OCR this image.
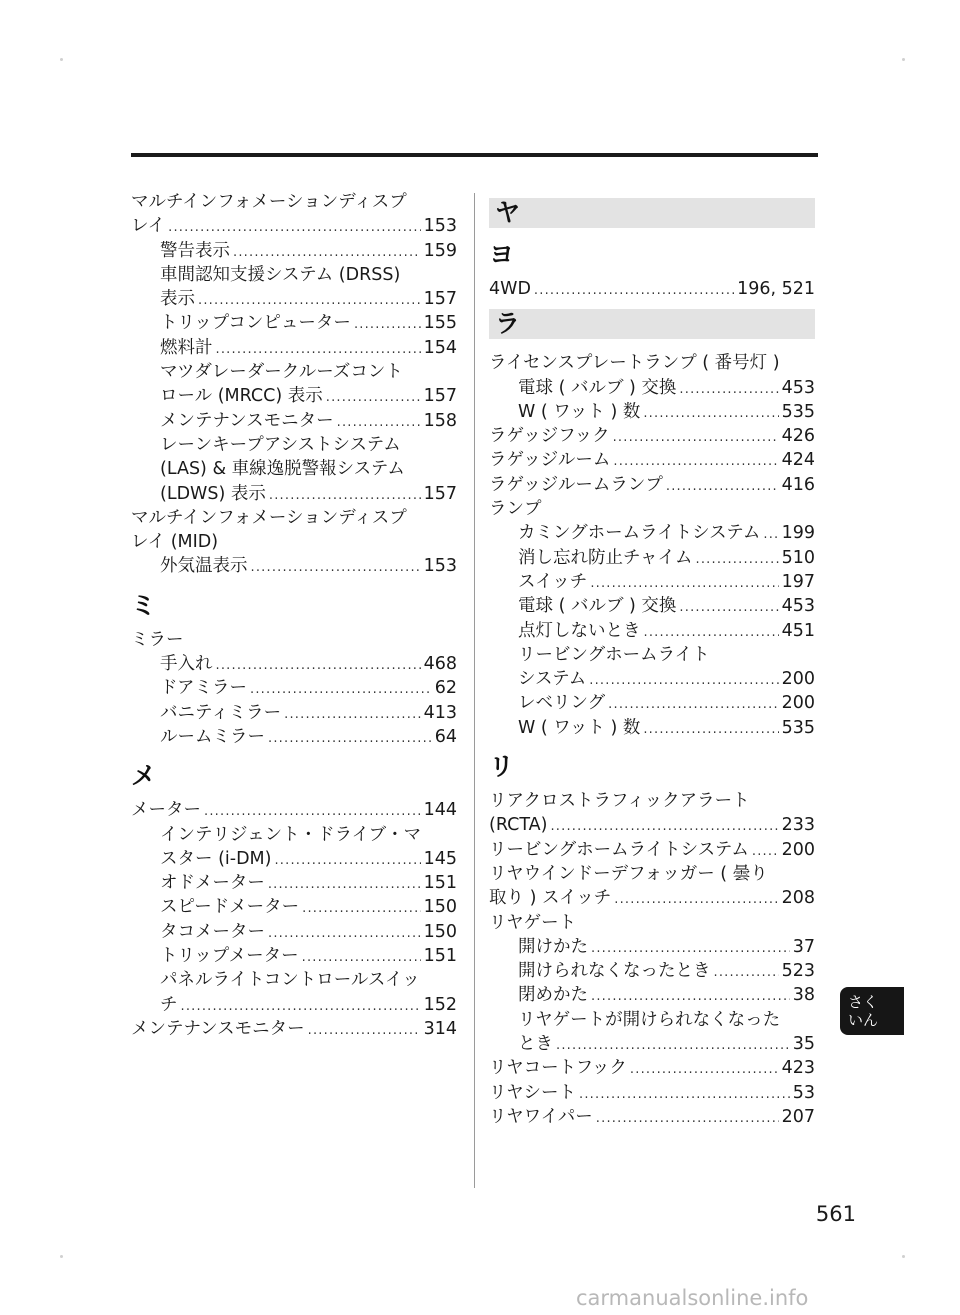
マルチインフォメーションディスプ
レイ .....	153
警告表示 .....	159
車間認知支援システム (DRSS)
表示 .....	157
トリップコンピューター .....	155
燃料計 .....	154
マツダレーダークルーズコント
ロール (MRCC) 表示 .....	157
メンテナンスモニター .....	158
レーンキープアシストシステム
(LAS) & 車線逸脱警報システム
(LDWS) 表示 .....	157
マルチインフォメーションディスプ
レイ (MID)
外気温表示 .....	153
ミ
ミラー
手入れ .....	468
ドアミラー .....	62
バニティミラー .....	413
ルームミラー .....	64
メ
メーター .....	144
インテリジェント・ドライブ・マ
スター (i-DM) .....	145
オドメーター .....	151
スピードメーター .....	150
タコメーター .....	150
トリップメーター .....	151
パネルライトコントロールスイッ
チ .....	152
メンテナンスモニター .....	314
ヤ
ヨ
4WD .....	196, 521
ラ
ライセンスプレートランプ ( 番号灯 )
電球 ( バルブ ) 交換 .....	453
W ( ワット ) 数 .....	535
ラゲッジフック .....	426
ラゲッジルーム .....	424
ラゲッジルームランプ .....	416
ランプ
カミングホームライトシステム ..... 199
消し忘れ防止チャイム .....	510
スイッチ .....	197
電球 ( バルブ ) 交換 .....	453
点灯しないとき .....	451
リービングホームライト
システム .....	200
レベリング .....	200
W ( ワット ) 数 .....	535
リ
リアクロストラフィックアラート
(RCTA) .....	233
リービングホームライトシステム ..... 200
リヤウインドーデフォッガー ( 曇り
取り ) スイッチ .....	208
リヤゲート
開けかた .....	37
開けられなくなったとき .....	523
閉めかた .....	38
リヤゲートが開けられなくなった
とき .....	35
リヤコートフック .....	423
リヤシート .....	53
リヤワイパー .....	207
さく
いん
561
carmanualsonline.info
